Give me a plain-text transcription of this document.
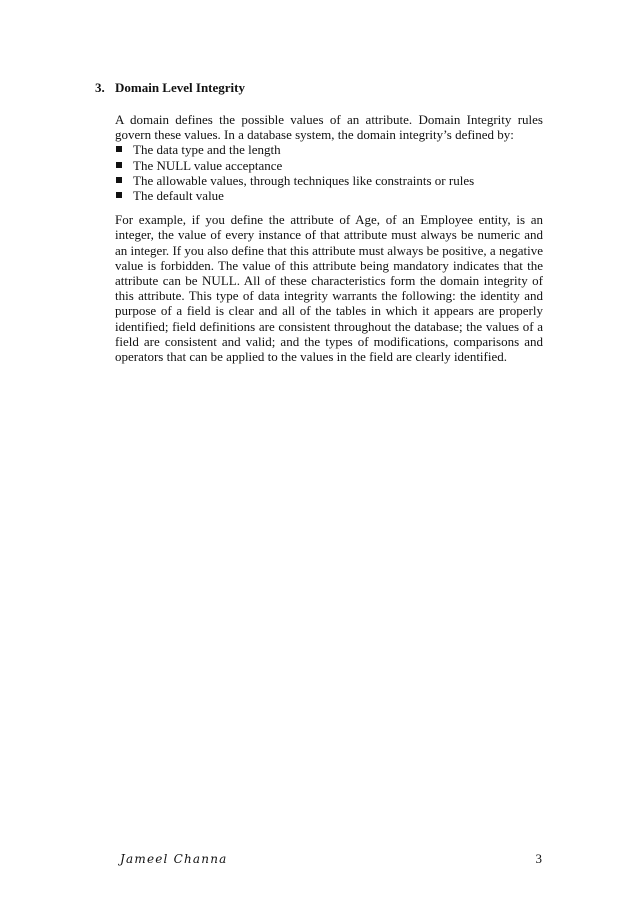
3. Domain Level Integrity

A domain defines the possible values of an attribute. Domain Integrity rules govern these values. In a database system, the domain integrity’s defined by:

The data type and the length
The NULL value acceptance
The allowable values, through techniques like constraints or rules
The default value

For example, if you define the attribute of Age, of an Employee entity, is an integer, the value of every instance of that attribute must always be numeric and an integer. If you also define that this attribute must always be positive, a negative value is forbidden. The value of this attribute being mandatory indicates that the attribute can be NULL. All of these characteristics form the domain integrity of this attribute. This type of data integrity warrants the following: the identity and purpose of a field is clear and all of the tables in which it appears are properly identified; field definitions are consistent throughout the database; the values of a field are consistent and valid; and the types of modifications, comparisons and operators that can be applied to the values in the field are clearly identified.

Jameel Channa	3
